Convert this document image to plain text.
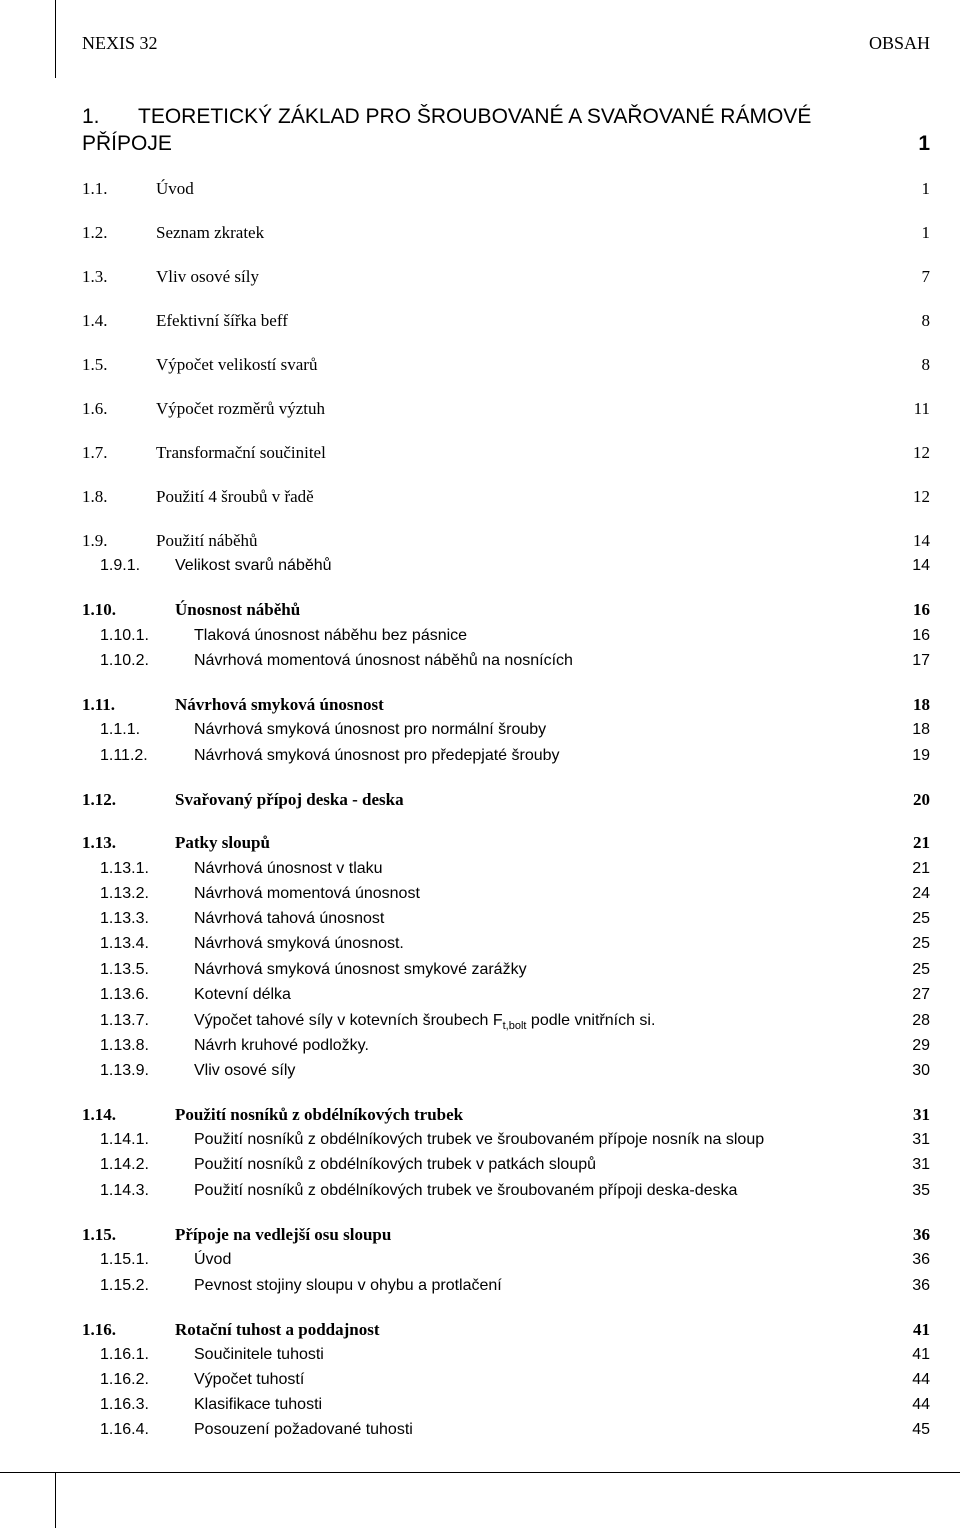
NEXIS 32	OBSAH
1. TEORETICKÝ ZÁKLAD PRO ŠROUBOVANÉ A SVAŘOVANÉ RÁMOVÉ
PŘÍPOJE	1
1.1.	Úvod	1
1.2.	Seznam zkratek	1
1.3.	Vliv osové síly	7
1.4.	Efektivní šířka beff	8
1.5.	Výpočet velikostí svarů	8
1.6.	Výpočet rozměrů výztuh	11
1.7.	Transformační součinitel	12
1.8.	Použití 4 šroubů v řadě	12
1.9.	Použití náběhů	14
1.9.1. Velikost svarů náběhů	14
1.10.	Únosnost náběhů	16
1.10.1.	Tlaková únosnost náběhu bez pásnice	16
1.10.2.	Návrhová momentová únosnost náběhů na nosnících	17
1.11.	Návrhová smyková únosnost	18
1.1.1.	Návrhová smyková únosnost pro normální šrouby	18
1.11.2.	Návrhová smyková únosnost pro předepjaté šrouby	19
1.12.	Svařovaný přípoj deska - deska	20
1.13.	Patky sloupů	21
1.13.1.	Návrhová únosnost v tlaku	21
1.13.2.	Návrhová momentová únosnost	24
1.13.3.	Návrhová tahová únosnost	25
1.13.4.	Návrhová smyková únosnost.	25
1.13.5.	Návrhová smyková únosnost smykové zarážky	25
1.13.6.	Kotevní délka	27
1.13.7.	Výpočet tahové síly v kotevních šroubech $F_{t,bolt}$ podle vnitřních si.	28
1.13.8.	Návrh kruhové podložky.	29
1.13.9.	Vliv osové síly	30
1.14.	Použití nosníků z obdélníkových trubek	31
1.14.1.	Použití nosníků z obdélníkových trubek ve šroubovaném přípoje nosník na sloup	31
1.14.2.	Použití nosníků z obdélníkových trubek v patkách sloupů	31
1.14.3.	Použití nosníků z obdélníkových trubek ve šroubovaném přípoji deska-deska	35
1.15.	Přípoje na vedlejší osu sloupu	36
1.15.1.	Úvod	36
1.15.2.	Pevnost stojiny sloupu v ohybu a protlačení	36
1.16.	Rotační tuhost a poddajnost	41
1.16.1.	Součinitele tuhosti	41
1.16.2.	Výpočet tuhostí	44
1.16.3.	Klasifikace tuhosti	44
1.16.4.	Posouzení požadované tuhosti	45
